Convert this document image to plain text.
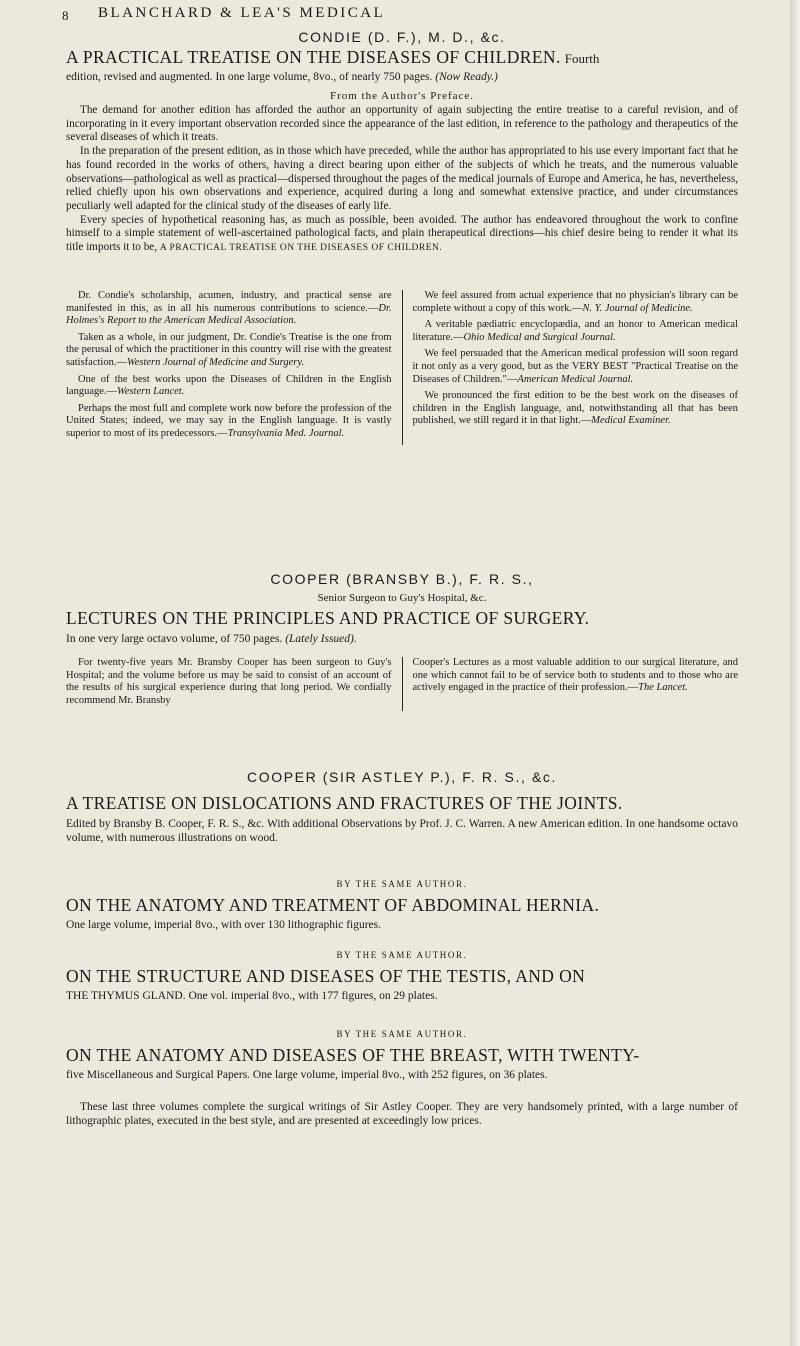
8 BLANCHARD & LEA'S MEDICAL
CONDIE (D. F.), M. D., &c.
A PRACTICAL TREATISE ON THE DISEASES OF CHILDREN. Fourth
edition, revised and augmented. In one large volume, 8vo., of nearly 750 pages. (Now Ready.)
From the Author's Preface.

The demand for another edition has afforded the author an opportunity of again subjecting the entire treatise to a careful revision, and of incorporating in it every important observation recorded since the appearance of the last edition, in reference to the pathology and therapeutics of the several diseases of which it treats.

In the preparation of the present edition, as in those which have preceded, while the author has appropriated to his use every important fact that he has found recorded in the works of others, having a direct bearing upon either of the subjects of which he treats, and the numerous valuable observations—pathological as well as practical—dispersed throughout the pages of the medical journals of Europe and America, he has, nevertheless, relied chiefly upon his own observations and experience, acquired during a long and somewhat extensive practice, and under circumstances peculiarly well adapted for the clinical study of the diseases of early life.

Every species of hypothetical reasoning has, as much as possible, been avoided. The author has endeavored throughout the work to confine himself to a simple statement of well-ascertained pathological facts, and plain therapeutical directions—his chief desire being to render it what its title imports it to be, A PRACTICAL TREATISE ON THE DISEASES OF CHILDREN.

Dr. Condie's scholarship, acumen, industry, and practical sense are manifested in this, as in all his numerous contributions to science.—Dr. Holmes's Report to the American Medical Association.

Taken as a whole, in our judgment, Dr. Condie's Treatise is the one from the perusal of which the practitioner in this country will rise with the greatest satisfaction.—Western Journal of Medicine and Surgery.

One of the best works upon the Diseases of Children in the English language.—Western Lancet.

Perhaps the most full and complete work now before the profession of the United States; indeed, we may say in the English language. It is vastly superior to most of its predecessors.—Transylvania Med. Journal.

We feel assured from actual experience that no physician's library can be complete without a copy of this work.—N. Y. Journal of Medicine.

A veritable pædiatric encyclopædia, and an honor to American medical literature.—Ohio Medical and Surgical Journal.

We feel persuaded that the American medical profession will soon regard it not only as a very good, but as the VERY BEST "Practical Treatise on the Diseases of Children."—American Medical Journal.

We pronounced the first edition to be the best work on the diseases of children in the English language, and, notwithstanding all that has been published, we still regard it in that light.—Medical Examiner.

COOPER (BRANSBY B.), F. R. S.,
Senior Surgeon to Guy's Hospital, &c.
LECTURES ON THE PRINCIPLES AND PRACTICE OF SURGERY.
In one very large octavo volume, of 750 pages. (Lately Issued).

For twenty-five years Mr. Bransby Cooper has been surgeon to Guy's Hospital; and the volume before us may be said to consist of an account of the results of his surgical experience during that long period. We cordially recommend Mr. Bransby

Cooper's Lectures as a most valuable addition to our surgical literature, and one which cannot fail to be of service both to students and to those who are actively engaged in the practice of their profession.—The Lancet.

COOPER (SIR ASTLEY P.), F. R. S., &c.
A TREATISE ON DISLOCATIONS AND FRACTURES OF THE JOINTS.
Edited by Bransby B. Cooper, F. R. S., &c. With additional Observations by Prof. J. C. Warren. A new American edition. In one handsome octavo volume, with numerous illustrations on wood.
BY THE SAME AUTHOR.
ON THE ANATOMY AND TREATMENT OF ABDOMINAL HERNIA.
One large volume, imperial 8vo., with over 130 lithographic figures.
BY THE SAME AUTHOR.
ON THE STRUCTURE AND DISEASES OF THE TESTIS, AND ON
THE THYMUS GLAND. One vol. imperial 8vo., with 177 figures, on 29 plates.
BY THE SAME AUTHOR.
ON THE ANATOMY AND DISEASES OF THE BREAST, WITH TWENTY-
five Miscellaneous and Surgical Papers. One large volume, imperial 8vo., with 252 figures, on 36 plates.
These last three volumes complete the surgical writings of Sir Astley Cooper. They are very handsomely printed, with a large number of lithographic plates, executed in the best style, and are presented at exceedingly low prices.
